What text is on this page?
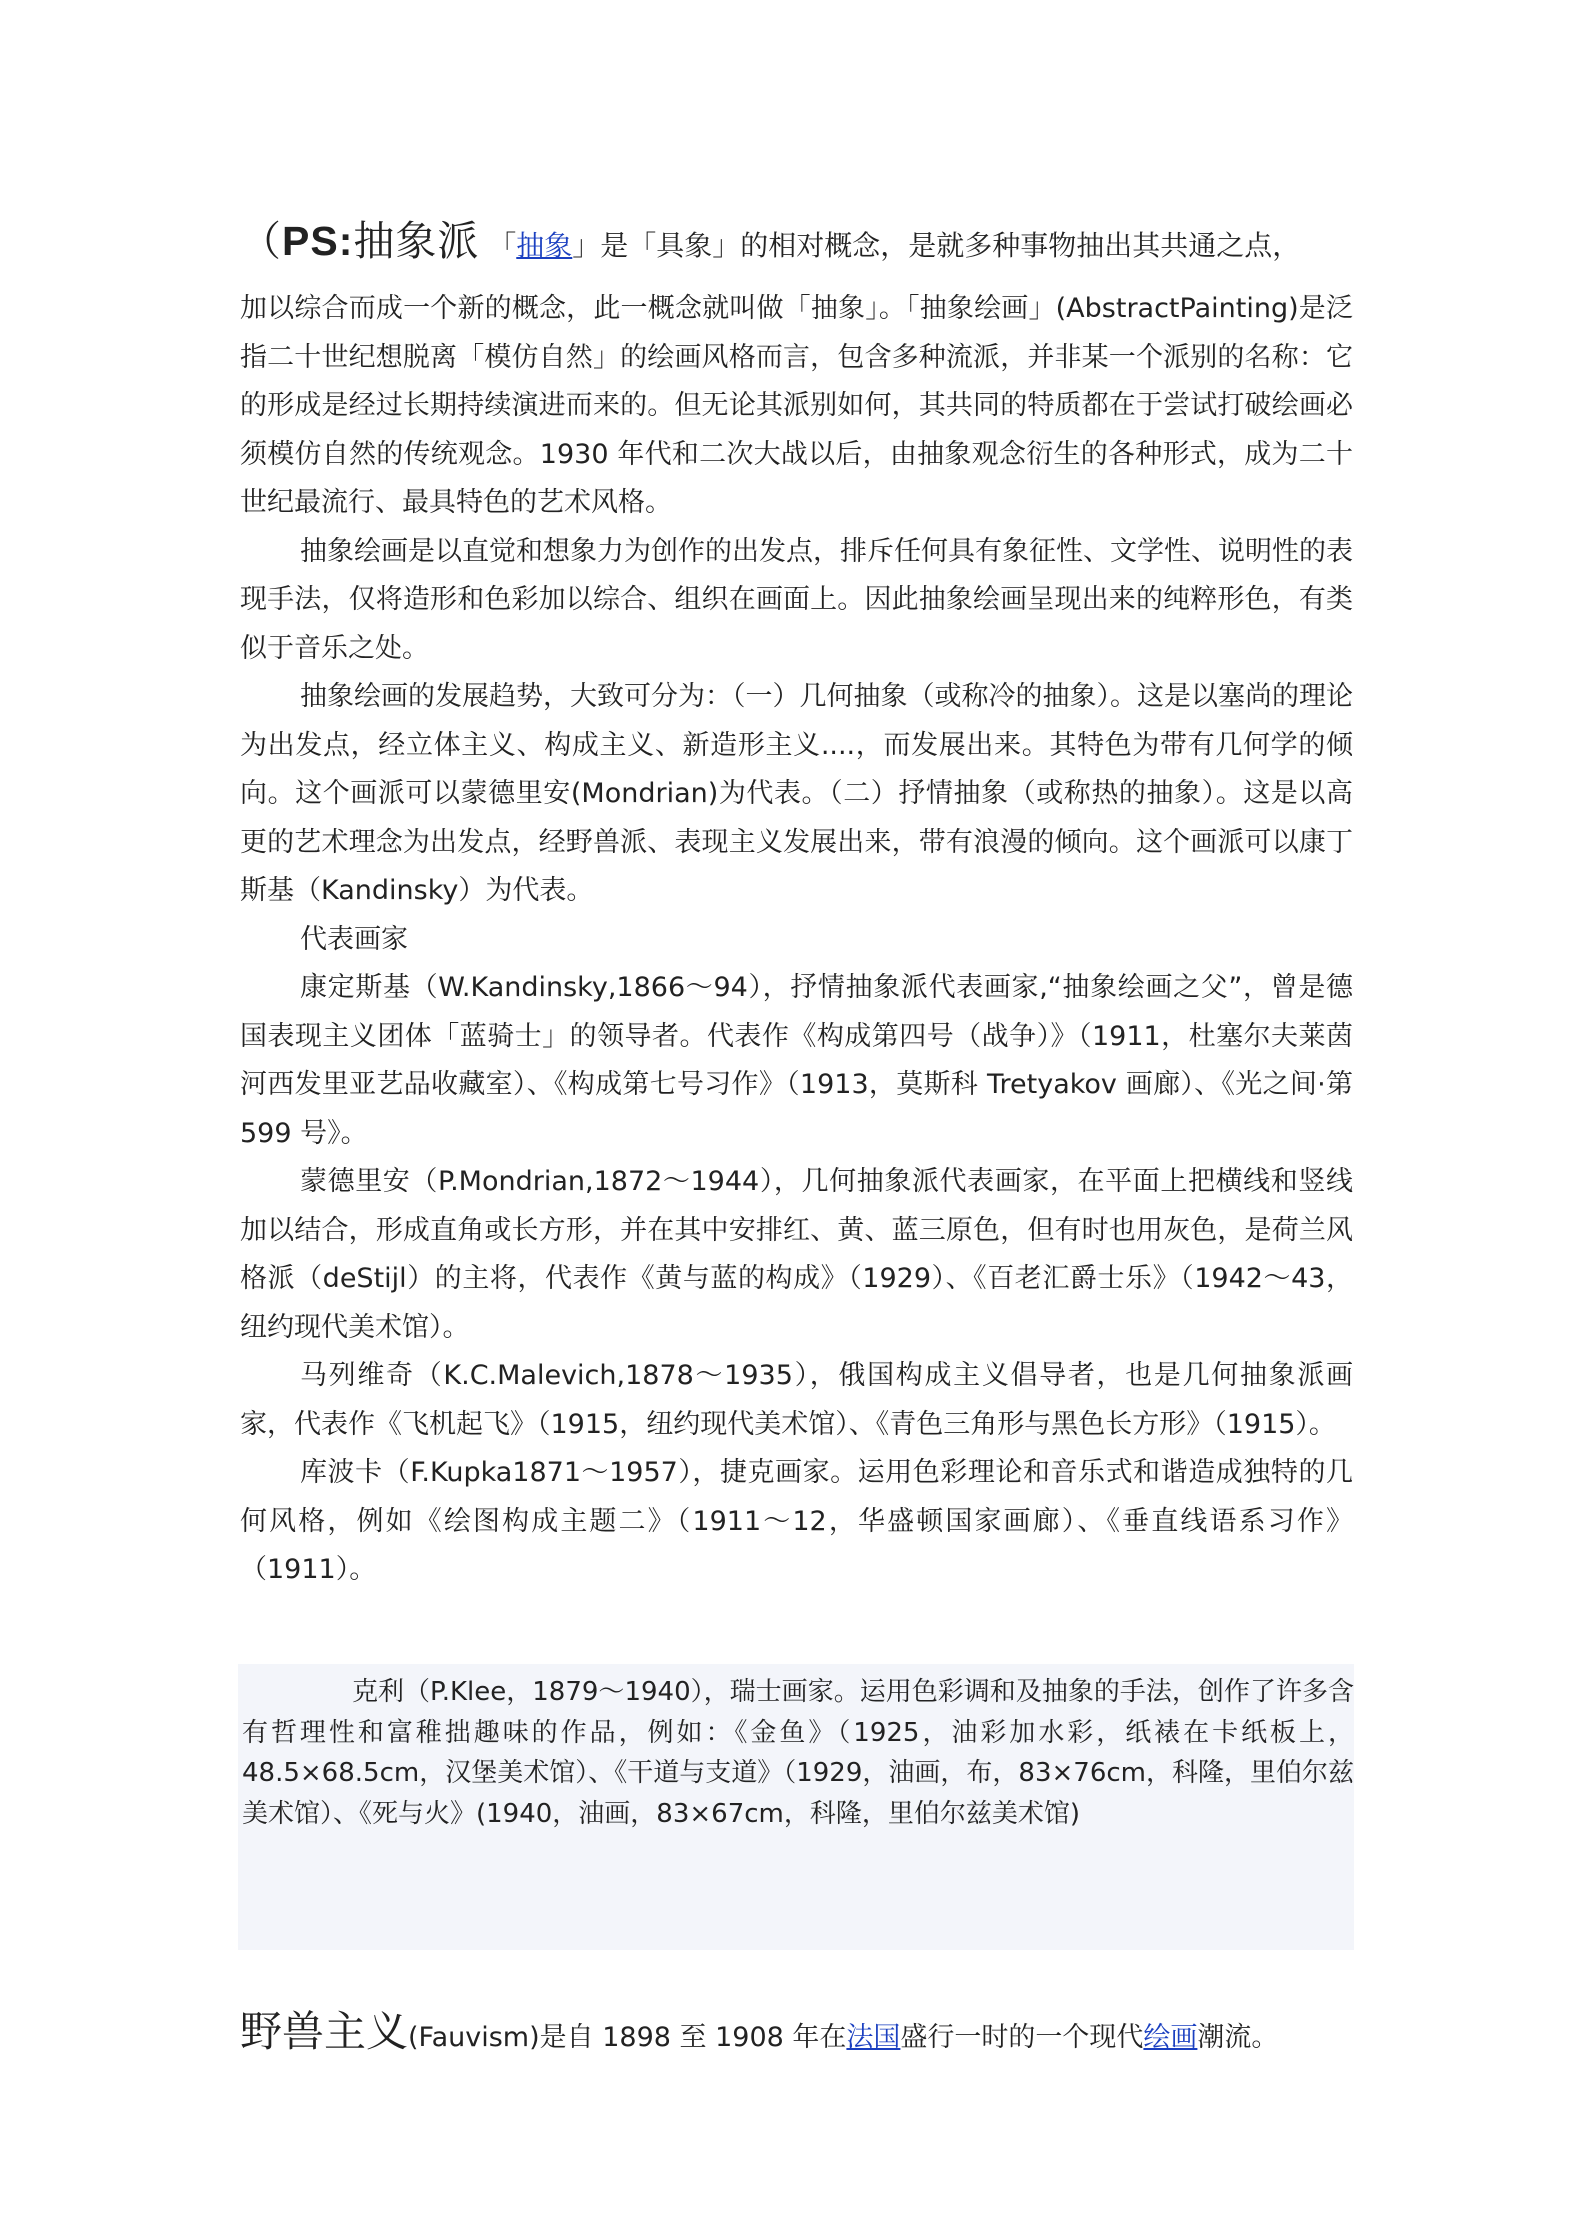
（PS:抽象派 「抽象」是「具象」的相对概念，是就多种事物抽出其共通之点，

加以综合而成一个新的概念，此一概念就叫做「抽象」。「抽象绘画」(AbstractPainting)是泛指二十世纪想脱离「模仿自然」的绘画风格而言，包含多种流派，并非某一个派别的名称：它的形成是经过长期持续演进而来的。但无论其派别如何，其共同的特质都在于尝试打破绘画必须模仿自然的传统观念。1930 年代和二次大战以后，由抽象观念衍生的各种形式，成为二十世纪最流行、最具特色的艺术风格。

抽象绘画是以直觉和想象力为创作的出发点，排斥任何具有象征性、文学性、说明性的表现手法，仅将造形和色彩加以综合、组织在画面上。因此抽象绘画呈现出来的纯粹形色，有类似于音乐之处。

抽象绘画的发展趋势，大致可分为：（一）几何抽象（或称冷的抽象）。这是以塞尚的理论为出发点，经立体主义、构成主义、新造形主义....，而发展出来。其特色为带有几何学的倾向。这个画派可以蒙德里安(Mondrian)为代表。（二）抒情抽象（或称热的抽象）。这是以高更的艺术理念为出发点，经野兽派、表现主义发展出来，带有浪漫的倾向。这个画派可以康丁斯基（Kandinsky）为代表。

代表画家

康定斯基（W.Kandinsky,1866～94），抒情抽象派代表画家,“抽象绘画之父”，曾是德国表现主义团体「蓝骑士」的领导者。代表作《构成第四号（战争）》（1911，杜塞尔夫莱茵河西发里亚艺品收藏室）、《构成第七号习作》（1913，莫斯科 Tretyakov 画廊）、《光之间·第 599 号》。

蒙德里安（P.Mondrian,1872～1944），几何抽象派代表画家，在平面上把横线和竖线加以结合，形成直角或长方形，并在其中安排红、黄、蓝三原色，但有时也用灰色，是荷兰风格派（deStijl）的主将，代表作《黄与蓝的构成》（1929）、《百老汇爵士乐》（1942～43，纽约现代美术馆）。

马列维奇（K.C.Malevich,1878～1935），俄国构成主义倡导者，也是几何抽象派画家，代表作《飞机起飞》（1915，纽约现代美术馆）、《青色三角形与黑色长方形》（1915）。

库波卡（F.Kupka1871～1957），捷克画家。运用色彩理论和音乐式和谐造成独特的几何风格，例如《绘图构成主题二》（1911～12，华盛顿国家画廊）、《垂直线语系习作》（1911）。

克利（P.Klee，1879～1940），瑞士画家。运用色彩调和及抽象的手法，创作了许多含有哲理性和富稚拙趣味的作品，例如：《金鱼》（1925，油彩加水彩，纸裱在卡纸板上，48.5×68.5cm，汉堡美术馆）、《干道与支道》（1929，油画，布，83×76cm，科隆，里伯尔兹美术馆）、《死与火》(1940，油画，83×67cm，科隆，里伯尔兹美术馆)

野兽主义(Fauvism)是自 1898 至 1908 年在法国盛行一时的一个现代绘画潮流。
